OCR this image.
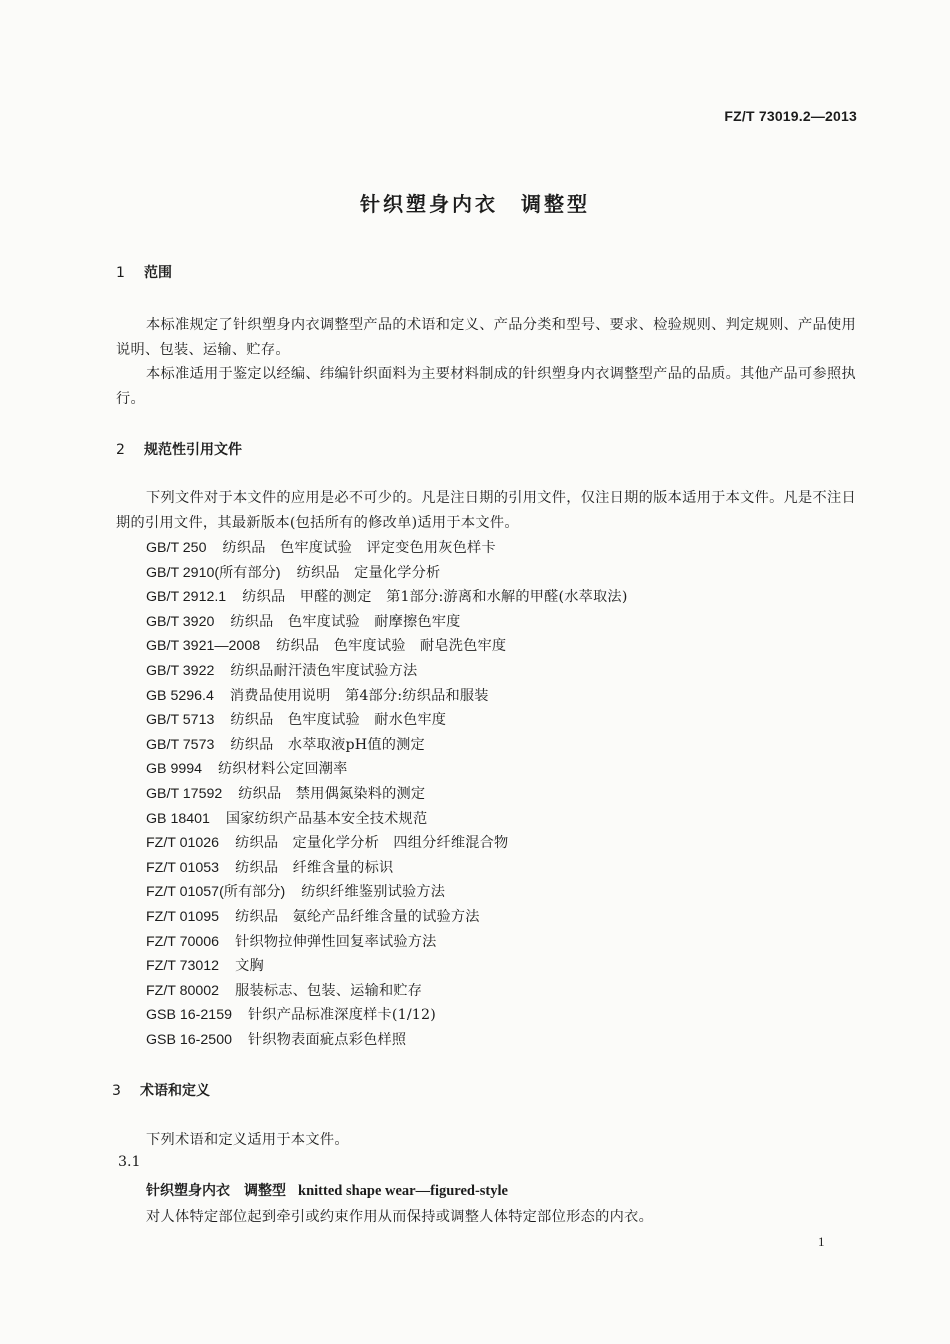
FZ/T 73019.2—2013
针织塑身内衣　调整型
1 范围
本标准规定了针织塑身内衣调整型产品的术语和定义、产品分类和型号、要求、检验规则、判定规则、产品使用说明、包装、运输、贮存。
本标准适用于鉴定以经编、纬编针织面料为主要材料制成的针织塑身内衣调整型产品的品质。其他产品可参照执行。
2 规范性引用文件
下列文件对于本文件的应用是必不可少的。凡是注日期的引用文件，仅注日期的版本适用于本文件。凡是不注日期的引用文件，其最新版本(包括所有的修改单)适用于本文件。
GB/T 250 纺织品　色牢度试验　评定变色用灰色样卡
GB/T 2910(所有部分) 纺织品　定量化学分析
GB/T 2912.1 纺织品　甲醛的测定　第1部分:游离和水解的甲醛(水萃取法)
GB/T 3920 纺织品　色牢度试验　耐摩擦色牢度
GB/T 3921—2008 纺织品　色牢度试验　耐皂洗色牢度
GB/T 3922 纺织品耐汗渍色牢度试验方法
GB 5296.4 消费品使用说明　第4部分:纺织品和服装
GB/T 5713 纺织品　色牢度试验　耐水色牢度
GB/T 7573 纺织品　水萃取液pH值的测定
GB 9994 纺织材料公定回潮率
GB/T 17592 纺织品　禁用偶氮染料的测定
GB 18401 国家纺织产品基本安全技术规范
FZ/T 01026 纺织品　定量化学分析　四组分纤维混合物
FZ/T 01053 纺织品　纤维含量的标识
FZ/T 01057(所有部分) 纺织纤维鉴别试验方法
FZ/T 01095 纺织品　氨纶产品纤维含量的试验方法
FZ/T 70006 针织物拉伸弹性回复率试验方法
FZ/T 73012 文胸
FZ/T 80002 服装标志、包装、运输和贮存
GSB 16-2159 针织产品标准深度样卡(1/12)
GSB 16-2500 针织物表面疵点彩色样照
3 术语和定义
下列术语和定义适用于本文件。
3.1
针织塑身内衣　调整型 knitted shape wear—figured-style
对人体特定部位起到牵引或约束作用从而保持或调整人体特定部位形态的内衣。
1
